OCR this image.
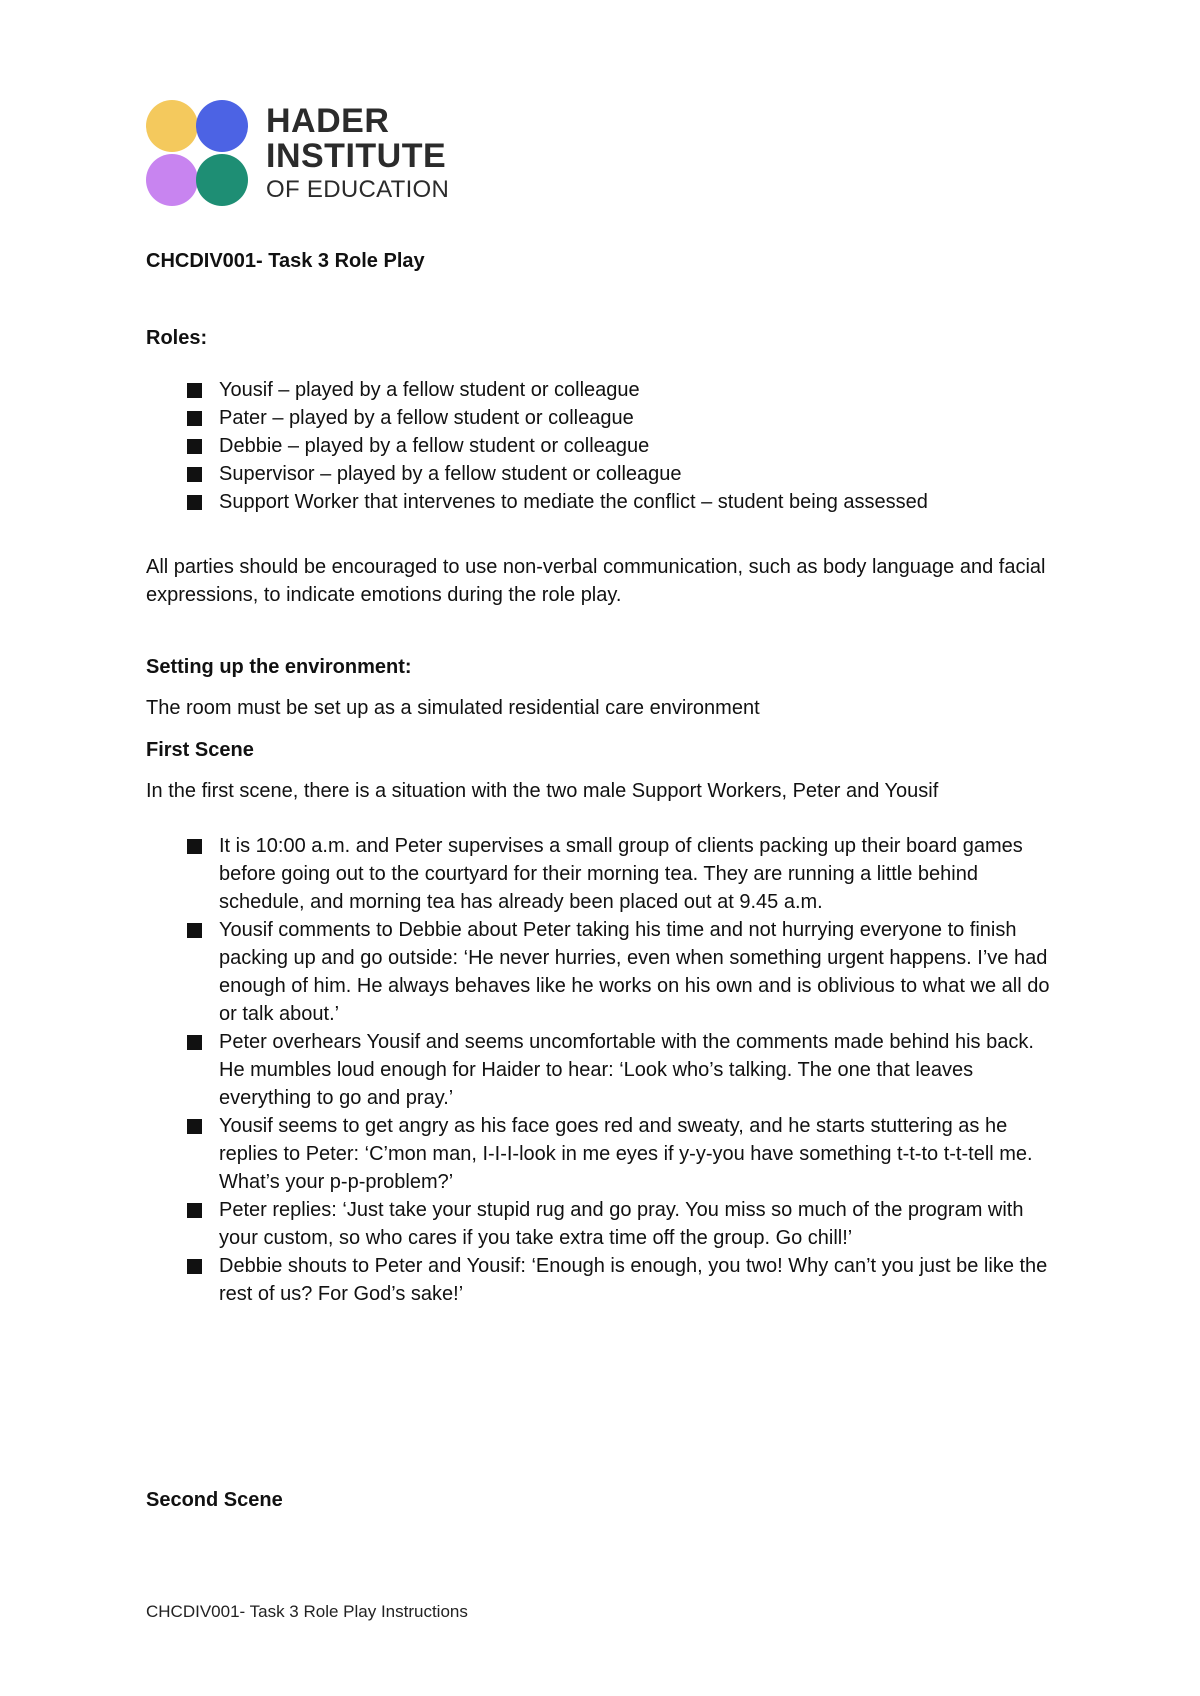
HADER
INSTITUTE
OF EDUCATION
CHCDIV001- Task 3 Role Play
Roles:
Yousif – played by a fellow student or colleague
Pater – played by a fellow student or colleague
Debbie – played by a fellow student or colleague
Supervisor – played by a fellow student or colleague
Support Worker that intervenes to mediate the conflict – student being assessed
All parties should be encouraged to use non-verbal communication, such as body language and facial expressions, to indicate emotions during the role play.
Setting up the environment:
The room must be set up as a simulated residential care environment
First Scene
In the first scene, there is a situation with the two male Support Workers, Peter and Yousif
It is 10:00 a.m. and Peter supervises a small group of clients packing up their board games before going out to the courtyard for their morning tea. They are running a little behind schedule, and morning tea has already been placed out at 9.45 a.m.
Yousif comments to Debbie about Peter taking his time and not hurrying everyone to finish packing up and go outside: ‘He never hurries, even when something urgent happens. I’ve had enough of him. He always behaves like he works on his own and is oblivious to what we all do or talk about.’
Peter overhears Yousif and seems uncomfortable with the comments made behind his back. He mumbles loud enough for Haider to hear: ‘Look who’s talking. The one that leaves everything to go and pray.’
Yousif seems to get angry as his face goes red and sweaty, and he starts stuttering as he replies to Peter: ‘C’mon man, I-I-I-look in me eyes if y-y-you have something t-t-to t-t-tell me. What’s your p-p-problem?’
Peter replies: ‘Just take your stupid rug and go pray. You miss so much of the program with your custom, so who cares if you take extra time off the group. Go chill!’
Debbie shouts to Peter and Yousif: ‘Enough is enough, you two! Why can’t you just be like the rest of us? For God’s sake!’
Second Scene
CHCDIV001- Task 3 Role Play Instructions
